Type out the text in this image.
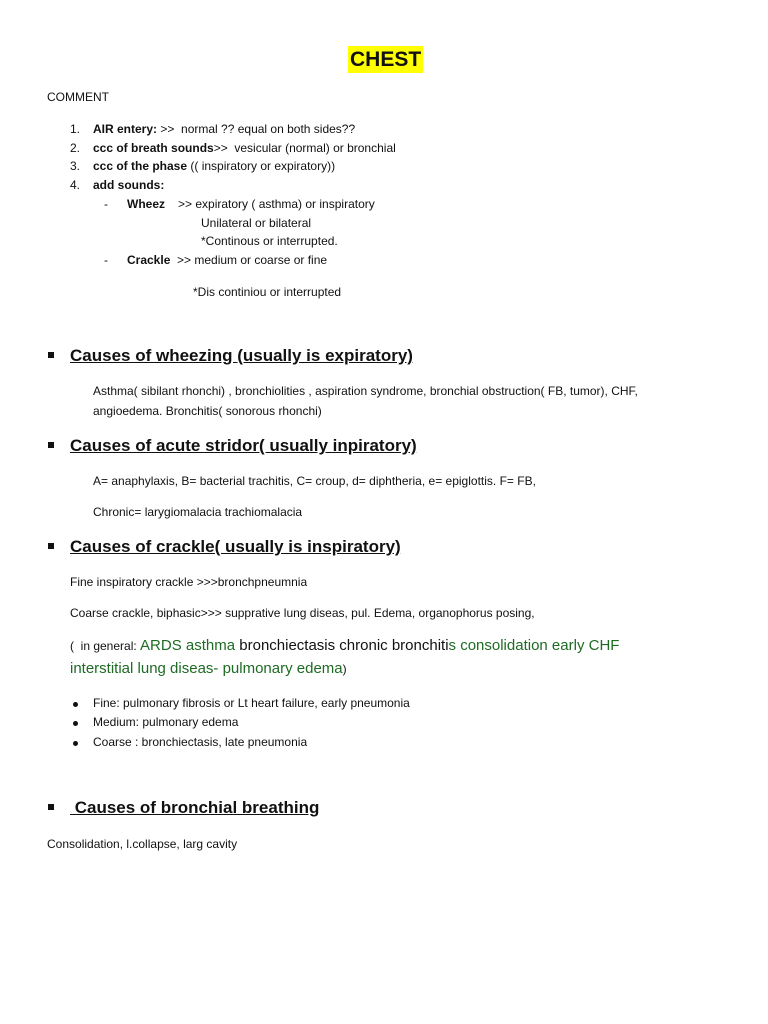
CHEST
COMMENT
1. AIR entery: >>  normal ?? equal on both sides??
2. ccc of breath sounds>>  vesicular (normal) or bronchial
3. ccc of the phase (( inspiratory or expiratory))
4. add sounds:
- Wheez >> expiratory ( asthma) or inspiratory
Unilateral or bilateral
*Continous or interrupted.
- Crackle >> medium or coarse or fine
*Dis continiou or interrupted
Causes of wheezing (usually is expiratory)
Asthma( sibilant rhonchi) , bronchiolities , aspiration syndrome, bronchial obstruction( FB, tumor), CHF,
angioedema. Bronchitis( sonorous rhonchi)
Causes of acute stridor( usually inpiratory)
A= anaphylaxis, B= bacterial trachitis, C= croup, d= diphtheria, e= epiglottis. F= FB,
Chronic= larygiomalacia trachiomalacia
Causes of crackle( usually is inspiratory)
Fine inspiratory crackle >>>bronchpneumnia
Coarse crackle, biphasic>>> supprative lung diseas, pul. Edema, organophorus posing,
(  in general: ARDS asthma bronchiectasis chronic bronchitis consolidation early CHF
interstitial lung diseas- pulmonary edema)
Fine: pulmonary fibrosis or Lt heart failure, early pneumonia
Medium: pulmonary edema
Coarse : bronchiectasis, late pneumonia
Causes of bronchial breathing
Consolidation, l.collapse, larg cavity
